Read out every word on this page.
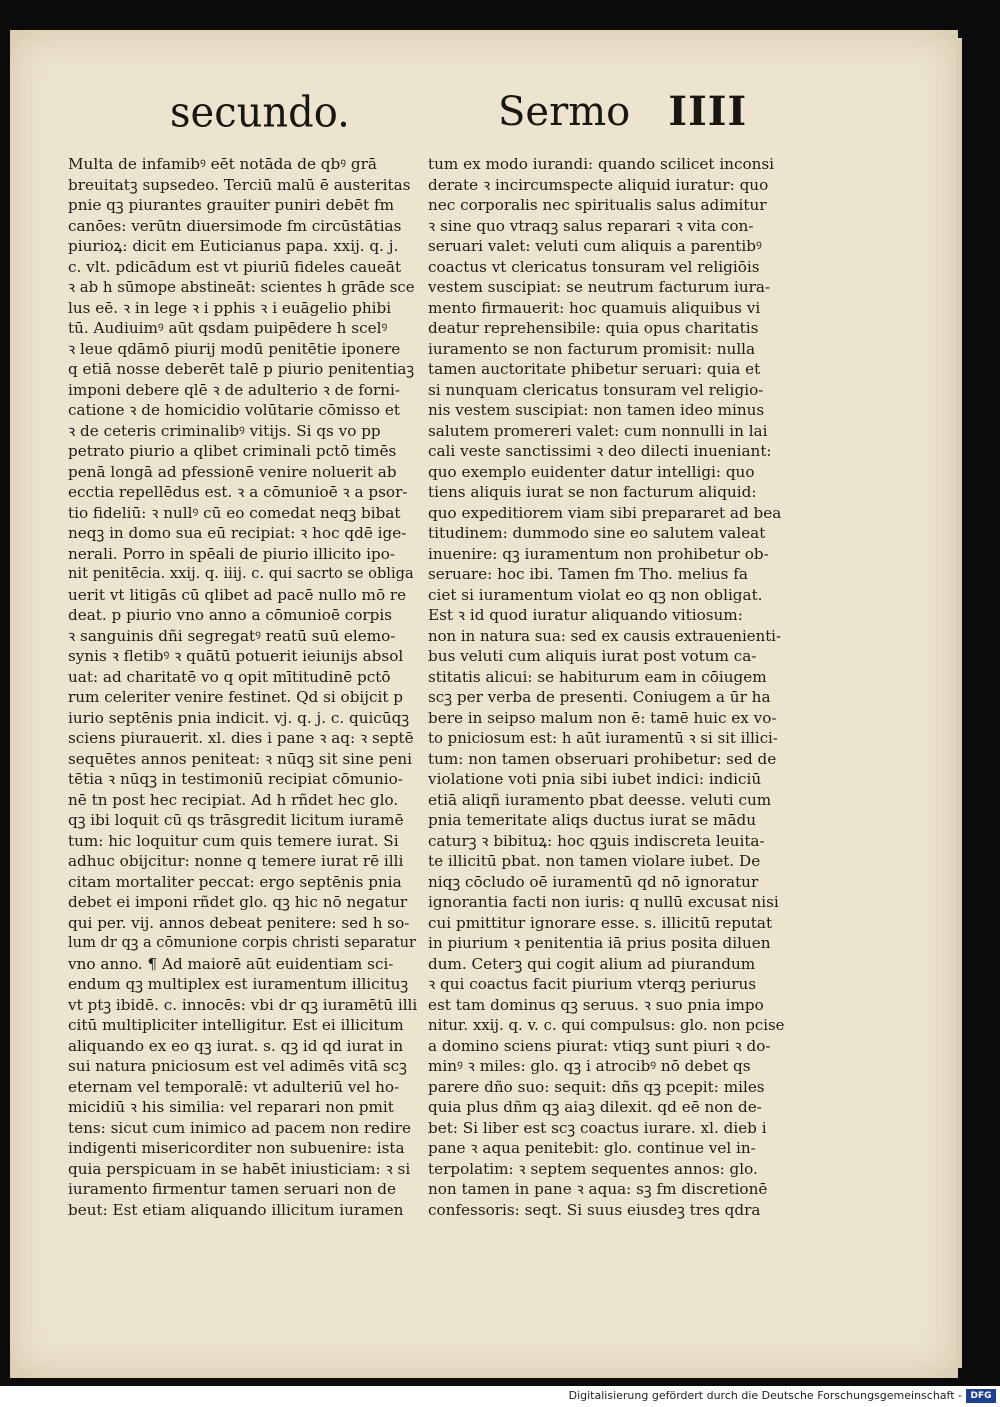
secundo.	Sermo IIII
Multa de infamibꝰ eēt notāda de qbꝰ grā
breuitatꝫ supsedeo. Terciū malū ē austeritas
pnie qꝫ piurantes grauiter puniri debēt fm
canōes: verūtn diuersimode fm circūstātias
piurioꝝ: dicit em Euticianus papa. xxij. q. j.
c. vlt. pdicādum est vt piuriū fideles caueāt
ꝛ ab h sūmope abstineāt: scientes h grāde sce
lus eē. ꝛ in lege ꝛ i pphis ꝛ i euāgelio phibi
tū. Audiuimꝰ aūt qsdam puipēdere h scelꝰ
ꝛ leue qdāmō piurij modū penitētie iponere
q etiā nosse deberēt talē p piurio penitentiaꝫ
imponi debere qlē ꝛ de adulterio ꝛ de forni-
catione ꝛ de homicidio volūtarie cōmisso et
ꝛ de ceteris criminalibꝰ vitijs. Si qs vo pp
petrato piurio a qlibet criminali pctō timēs
penā longā ad pfessionē venire noluerit ab
ecctia repellēdus est. ꝛ a cōmunioē ꝛ a psor-
tio fideliū: ꝛ nullꝰ cū eo comedat neqꝫ bibat
neqꝫ in domo sua eū recipiat: ꝛ hoc qdē ige-
nerali. Porro in spēali de piurio illicito ipo-
nit penitēcia. xxij. q. iiij. c. qui sacrto se obliga
uerit vt litigās cū qlibet ad pacē nullo mō re
deat. p piurio vno anno a cōmunioē corpis
ꝛ sanguinis dñi segregatꝰ reatū suū elemo-
synis ꝛ fletibꝰ ꝛ quātū potuerit ieiunijs absol
uat: ad charitatē vo q opit mītitudinē pctō
rum celeriter venire festinet. Qd si obijcit p
iurio septēnis pnia indicit. vj. q. j. c. quicūqꝫ
sciens piurauerit. xl. dies i pane ꝛ aq: ꝛ septē
sequētes annos peniteat: ꝛ nūqꝫ sit sine peni
tētia ꝛ nūqꝫ in testimoniū recipiat cōmunio-
nē tn post hec recipiat. Ad h rñdet hec glo.
qꝫ ibi loquit cū qs trāsgredit licitum iuramē
tum: hic loquitur cum quis temere iurat. Si
adhuc obijcitur: nonne q temere iurat rē illi
citam mortaliter peccat: ergo septēnis pnia
debet ei imponi rñdet glo. qꝫ hic nō negatur
qui per. vij. annos debeat penitere: sed h so-
lum dr qꝫ a cōmunione corpis christi separatur
vno anno. ¶ Ad maiorē aūt euidentiam sci-
endum qꝫ multiplex est iuramentum illicituꝫ
vt ptꝫ ibidē. c. innocēs: vbi dr qꝫ iuramētū illi
citū multipliciter intelligitur. Est ei illicitum
aliquando ex eo qꝫ iurat. s. qꝫ id qd iurat in
sui natura pniciosum est vel adimēs vitā scꝫ
eternam vel temporalē: vt adulteriū vel ho-
micidiū ꝛ his similia: vel reparari non pmit
tens: sicut cum inimico ad pacem non redire
indigenti misericorditer non subuenire: ista
quia perspicuam in se habēt iniusticiam: ꝛ si
iuramento firmentur tamen seruari non de
beut: Est etiam aliquando illicitum iuramen
tum ex modo iurandi: quando scilicet inconsi
derate ꝛ incircumspecte aliquid iuratur: quo
nec corporalis nec spiritualis salus adimitur
ꝛ sine quo vtraqꝫ salus reparari ꝛ vita con-
seruari valet: veluti cum aliquis a parentibꝰ
coactus vt clericatus tonsuram vel religiōis
vestem suscipiat: se neutrum facturum iura-
mento firmauerit: hoc quamuis aliquibus vi
deatur reprehensibile: quia opus charitatis
iuramento se non facturum promisit: nulla
tamen auctoritate phibetur seruari: quia et
si nunquam clericatus tonsuram vel religio-
nis vestem suscipiat: non tamen ideo minus
salutem promereri valet: cum nonnulli in lai
cali veste sanctissimi ꝛ deo dilecti inueniant:
quo exemplo euidenter datur intelligi: quo
tiens aliquis iurat se non facturum aliquid:
quo expeditiorem viam sibi prepararet ad bea
titudinem: dummodo sine eo salutem valeat
inuenire: qꝫ iuramentum non prohibetur ob-
seruare: hoc ibi. Tamen fm Tho. melius fa
ciet si iuramentum violat eo qꝫ non obligat.
Est ꝛ id quod iuratur aliquando vitiosum:
non in natura sua: sed ex causis extrauenienti-
bus veluti cum aliquis iurat post votum ca-
stitatis alicui: se habiturum eam in cōiugem
scꝫ per verba de presenti. Coniugem a ūr ha
bere in seipso malum non ē: tamē huic ex vo-
to pniciosum est: h aūt iuramentū ꝛ si sit illici-
tum: non tamen obseruari prohibetur: sed de
violatione voti pnia sibi iubet indici: indiciū
etiā aliqñ iuramento pbat deesse. veluti cum
pnia temeritate aliqs ductus iurat se mādu
caturꝫ ꝛ bibituꝝ: hoc qꝫuis indiscreta leuita-
te illicitū pbat. non tamen violare iubet. De
niqꝫ cōcludo oē iuramentū qd nō ignoratur
ignorantia facti non iuris: q nullū excusat nisi
cui pmittitur ignorare esse. s. illicitū reputat
in piurium ꝛ penitentia iā prius posita diluen
dum. Ceterꝫ qui cogit alium ad piurandum
ꝛ qui coactus facit piurium vterqꝫ periurus
est tam dominus qꝫ seruus. ꝛ suo pnia impo
nitur. xxij. q. v. c. qui compulsus: glo. non pcise
a domino sciens piurat: vtiqꝫ sunt piuri ꝛ do-
minꝰ ꝛ miles: glo. qꝫ i atrocibꝰ nō debet qs
parere dño suo: sequit: dñs qꝫ pcepit: miles
quia plus dñm qꝫ aiaꝫ dilexit. qd eē non de-
bet: Si liber est scꝫ coactus iurare. xl. dieb i
pane ꝛ aqua penitebit: glo. continue vel in-
terpolatim: ꝛ septem sequentes annos: glo.
non tamen in pane ꝛ aqua: sꝫ fm discretionē
confessoris: seqt. Si suus eiusdeꝫ tres qdra
Digitalisierung gefördert durch die Deutsche Forschungsgemeinschaft - DFG
